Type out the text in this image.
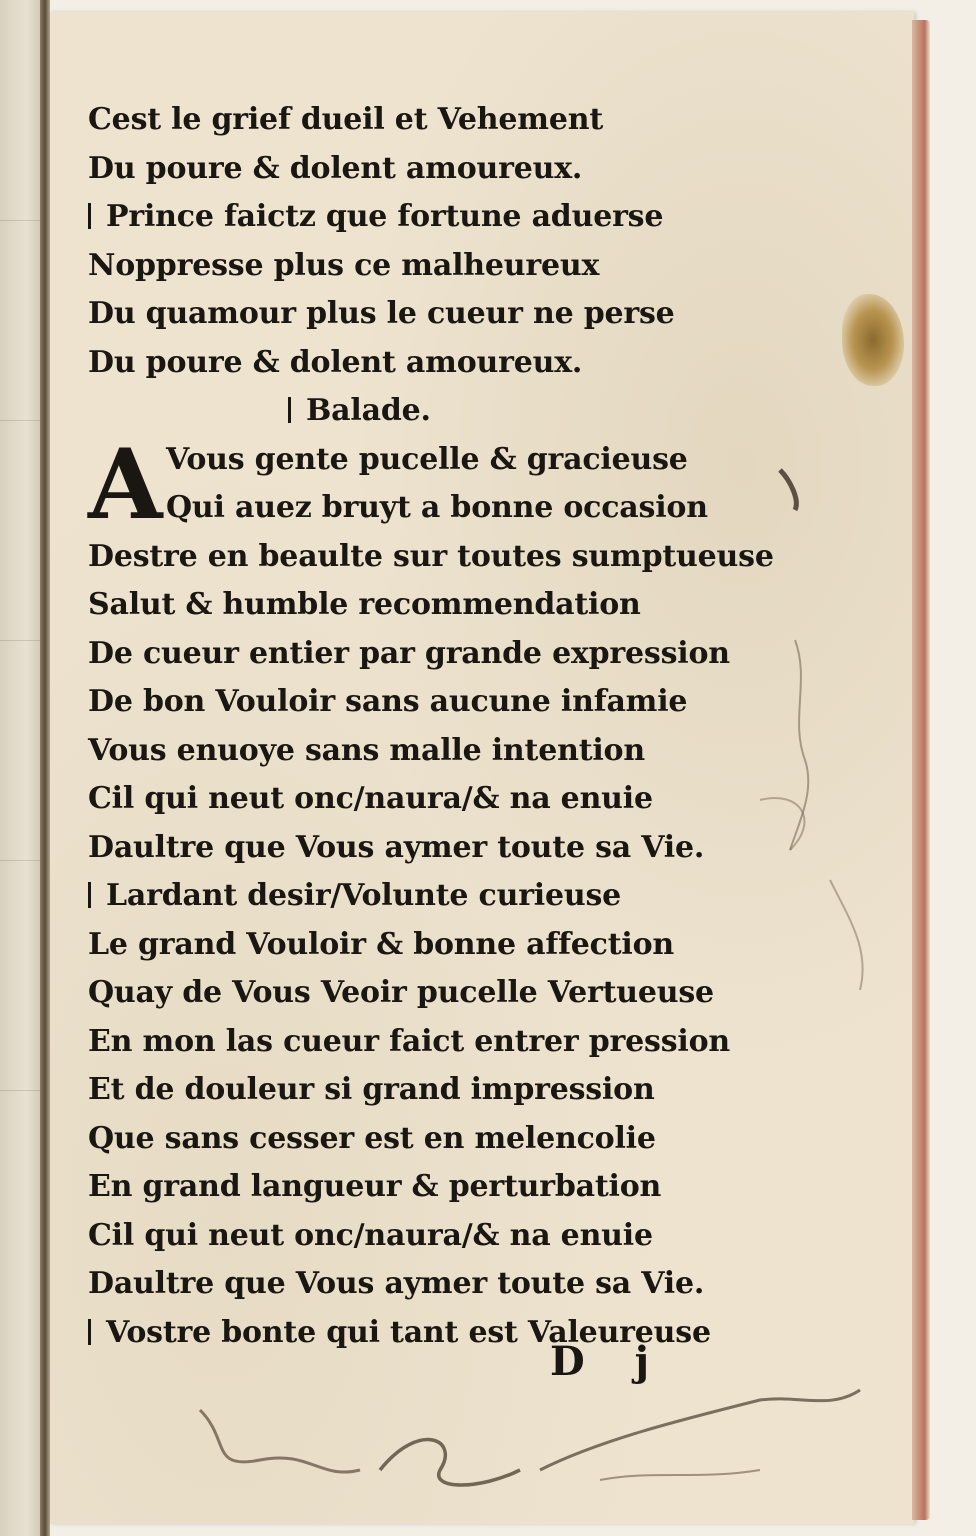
Cest le grief dueil et Vehement
Du poure & dolent amoureux.
Prince faictz que fortune aduerse
Noppresse plus ce malheureux
Du quamour plus le cueur ne perse
Du poure & dolent amoureux.
Balade.
A Vous gente pucelle & gracieuse
Qui auez bruyt a bonne occasion
Destre en beaulte sur toutes sumptueuse
Salut & humble recommendation
De cueur entier par grande expression
De bon Vouloir sans aucune infamie
Vous enuoye sans malle intention
Cil qui neut onc/naura/& na enuie
Daultre que Vous aymer toute sa Vie.
Lardant desir/Volunte curieuse
Le grand Vouloir & bonne affection
Quay de Vous Veoir pucelle Vertueuse
En mon las cueur faict entrer pression
Et de douleur si grand impression
Que sans cesser est en melencolie
En grand langueur & perturbation
Cil qui neut onc/naura/& na enuie
Daultre que Vous aymer toute sa Vie.
Vostre bonte qui tant est Valeureuse
D j
